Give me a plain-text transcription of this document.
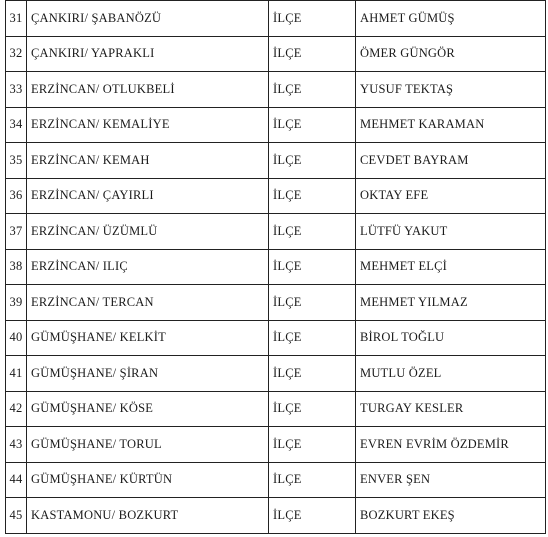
31	ÇANKIRI/ ŞABANÖZÜ	İLÇE	AHMET GÜMÜŞ
32	ÇANKIRI/ YAPRAKLI	İLÇE	ÖMER GÜNGÖR
33	ERZİNCAN/ OTLUKBELİ	İLÇE	YUSUF TEKTAŞ
34	ERZİNCAN/ KEMALİYE	İLÇE	MEHMET KARAMAN
35	ERZİNCAN/ KEMAH	İLÇE	CEVDET BAYRAM
36	ERZİNCAN/ ÇAYIRLI	İLÇE	OKTAY EFE
37	ERZİNCAN/ ÜZÜMLÜ	İLÇE	LÜTFÜ YAKUT
38	ERZİNCAN/ ILIÇ	İLÇE	MEHMET ELÇİ
39	ERZİNCAN/ TERCAN	İLÇE	MEHMET YILMAZ
40	GÜMÜŞHANE/ KELKİT	İLÇE	BİROL TOĞLU
41	GÜMÜŞHANE/ ŞİRAN	İLÇE	MUTLU ÖZEL
42	GÜMÜŞHANE/ KÖSE	İLÇE	TURGAY KESLER
43	GÜMÜŞHANE/ TORUL	İLÇE	EVREN EVRİM ÖZDEMİR
44	GÜMÜŞHANE/ KÜRTÜN	İLÇE	ENVER ŞEN
45	KASTAMONU/ BOZKURT	İLÇE	BOZKURT EKEŞ
